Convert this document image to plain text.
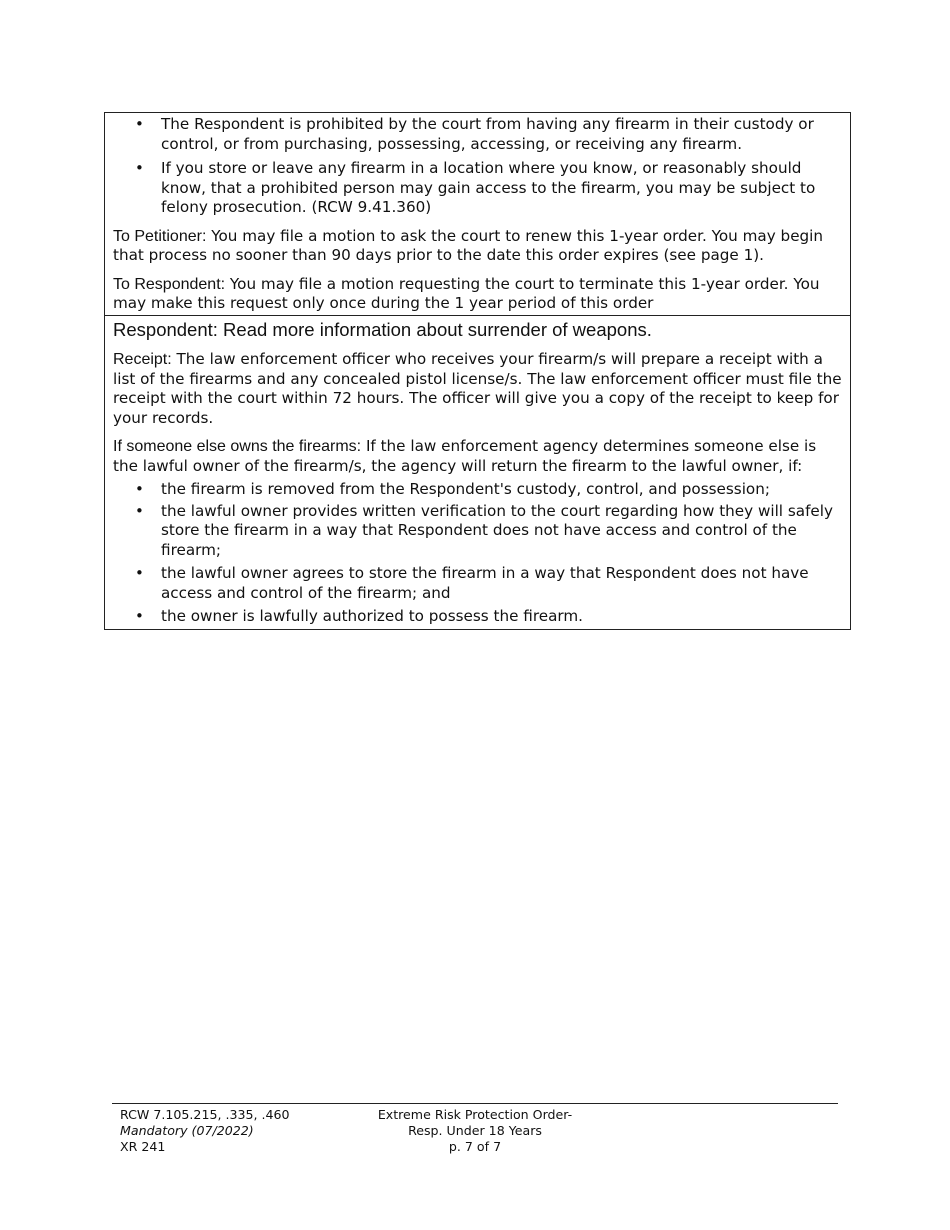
• The Respondent is prohibited by the court from having any firearm in their custody or control, or from purchasing, possessing, accessing, or receiving any firearm.
• If you store or leave any firearm in a location where you know, or reasonably should know, that a prohibited person may gain access to the firearm, you may be subject to felony prosecution. (RCW 9.41.360)

To Petitioner: You may file a motion to ask the court to renew this 1-year order. You may begin that process no sooner than 90 days prior to the date this order expires (see page 1).

To Respondent: You may file a motion requesting the court to terminate this 1-year order. You may make this request only once during the 1 year period of this order

Respondent: Read more information about surrender of weapons.

Receipt: The law enforcement officer who receives your firearm/s will prepare a receipt with a list of the firearms and any concealed pistol license/s. The law enforcement officer must file the receipt with the court within 72 hours. The officer will give you a copy of the receipt to keep for your records.

If someone else owns the firearms: If the law enforcement agency determines someone else is the lawful owner of the firearm/s, the agency will return the firearm to the lawful owner, if:

• the firearm is removed from the Respondent's custody, control, and possession;
• the lawful owner provides written verification to the court regarding how they will safely store the firearm in a way that Respondent does not have access and control of the firearm;
• the lawful owner agrees to store the firearm in a way that Respondent does not have access and control of the firearm; and
• the owner is lawfully authorized to possess the firearm.
RCW 7.105.215, .335, .460
Mandatory (07/2022)
XR 241
Extreme Risk Protection Order-
Resp. Under 18 Years
p. 7 of 7
